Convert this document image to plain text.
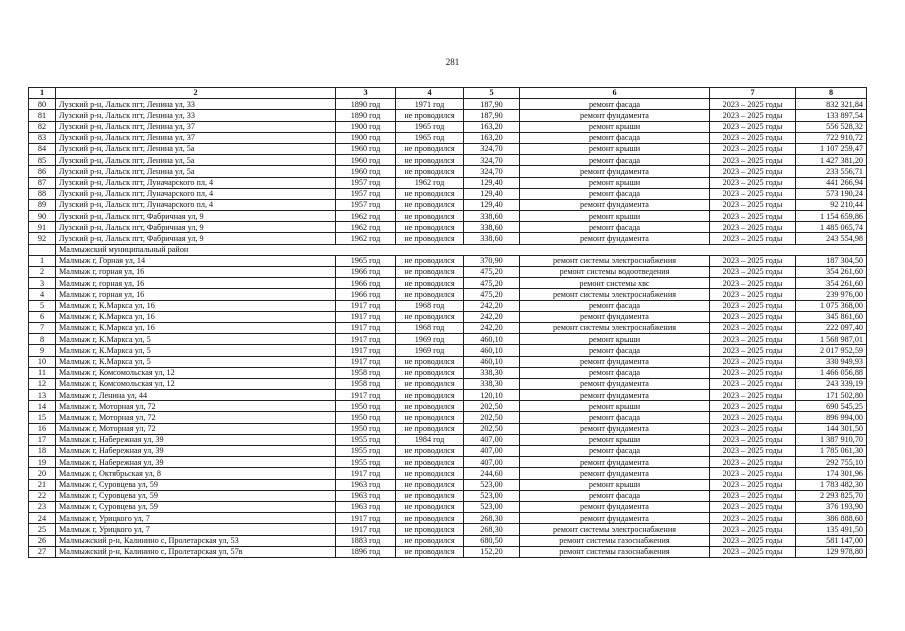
281
1	2	3	4	5	6	7	8
80	Лузский р-н, Лальск пгт, Ленина ул, 33	1890 год	1971 год	187,90	ремонт фасада	2023 – 2025 годы	832 321,84
81	Лузский р-н, Лальск пгт, Ленина ул, 33	1890 год	не проводился	187,90	ремонт фундамента	2023 – 2025 годы	133 897,54
82	Лузский р-н, Лальск пгт, Ленина ул, 37	1900 год	1965 год	163,20	ремонт крыши	2023 – 2025 годы	556 528,32
83	Лузский р-н, Лальск пгт, Ленина ул, 37	1900 год	1965 год	163,20	ремонт фасада	2023 – 2025 годы	722 910,72
84	Лузский р-н, Лальск пгт, Ленина ул, 5а	1960 год	не проводился	324,70	ремонт крыши	2023 – 2025 годы	1 107 259,47
85	Лузский р-н, Лальск пгт, Ленина ул, 5а	1960 год	не проводился	324,70	ремонт фасада	2023 – 2025 годы	1 427 381,20
86	Лузский р-н, Лальск пгт, Ленина ул, 5а	1960 год	не проводился	324,70	ремонт фундамента	2023 – 2025 годы	233 556,71
87	Лузский р-н, Лальск пгт, Луначарского пл, 4	1957 год	1962 год	129,40	ремонт крыши	2023 – 2025 годы	441 266,94
88	Лузский р-н, Лальск пгт, Луначарского пл, 4	1957 год	не проводился	129,40	ремонт фасада	2023 – 2025 годы	573 190,24
89	Лузский р-н, Лальск пгт, Луначарского пл, 4	1957 год	не проводился	129,40	ремонт фундамента	2023 – 2025 годы	92 210,44
90	Лузский р-н, Лальск пгт, Фабричная ул, 9	1962 год	не проводился	338,60	ремонт крыши	2023 – 2025 годы	1 154 659,86
91	Лузский р-н, Лальск пгт, Фабричная ул, 9	1962 год	не проводился	338,60	ремонт фасада	2023 – 2025 годы	1 485 065,74
92	Лузский р-н, Лальск пгт, Фабричная ул, 9	1962 год	не проводился	338,60	ремонт фундамента	2023 – 2025 годы	243 554,98
	Малмыжский муниципальный район						
1	Малмыж г, Горная ул, 14	1965 год	не проводился	370,90	ремонт системы электроснабжения	2023 – 2025 годы	187 304,50
2	Малмыж г, горная ул, 16	1966 год	не проводился	475,20	ремонт системы водоотведения	2023 – 2025 годы	354 261,60
3	Малмыж г, горная ул, 16	1966 год	не проводился	475,20	ремонт системы хвс	2023 – 2025 годы	354 261,60
4	Малмыж г, горная ул, 16	1966 год	не проводился	475,20	ремонт системы электроснабжения	2023 – 2025 годы	239 976,00
5	Малмыж г, К.Маркса ул, 16	1917 год	1968 год	242,20	ремонт фасада	2023 – 2025 годы	1 075 368,00
6	Малмыж г, К.Маркса ул, 16	1917 год	не проводился	242,20	ремонт фундамента	2023 – 2025 годы	345 861,60
7	Малмыж г, К.Маркса ул, 16	1917 год	1968 год	242,20	ремонт системы электроснабжения	2023 – 2025 годы	222 097,40
8	Малмыж г, К.Маркса ул, 5	1917 год	1969 год	460,10	ремонт крыши	2023 – 2025 годы	1 568 987,01
9	Малмыж г, К.Маркса ул, 5	1917 год	1969 год	460,10	ремонт фасада	2023 – 2025 годы	2 017 952,59
10	Малмыж г, К.Маркса ул, 5	1917 год	не проводился	460,10	ремонт фундамента	2023 – 2025 годы	330 949,93
11	Малмыж г, Комсомольская ул, 12	1958 год	не проводился	338,30	ремонт фасада	2023 – 2025 годы	1 466 056,88
12	Малмыж г, Комсомольская ул, 12	1958 год	не проводился	338,30	ремонт фундамента	2023 – 2025 годы	243 339,19
13	Малмыж г, Ленина ул, 44	1917 год	не проводился	120,10	ремонт фундамента	2023 – 2025 годы	171 502,80
14	Малмыж г, Моторная ул, 72	1950 год	не проводился	202,50	ремонт крыши	2023 – 2025 годы	690 545,25
15	Малмыж г, Моторная ул, 72	1950 год	не проводился	202,50	ремонт фасада	2023 – 2025 годы	896 994,00
16	Малмыж г, Моторная ул, 72	1950 год	не проводился	202,50	ремонт фундамента	2023 – 2025 годы	144 301,50
17	Малмыж г, Набережная ул, 39	1955 год	1984 год	407,00	ремонт крыши	2023 – 2025 годы	1 387 910,70
18	Малмыж г, Набережная ул, 39	1955 год	не проводился	407,00	ремонт фасада	2023 – 2025 годы	1 785 061,30
19	Малмыж г, Набережная ул, 39	1955 год	не проводился	407,00	ремонт фундамента	2023 – 2025 годы	292 755,10
20	Малмыж г, Октябрьская ул, 8	1917 год	не проводился	244,60	ремонт фундамента	2023 – 2025 годы	174 301,96
21	Малмыж г, Суровцева ул, 59	1963 год	не проводился	523,00	ремонт крыши	2023 – 2025 годы	1 783 482,30
22	Малмыж г, Суровцева ул, 59	1963 год	не проводился	523,00	ремонт фасада	2023 – 2025 годы	2 293 825,70
23	Малмыж г, Суровцева ул, 59	1963 год	не проводился	523,00	ремонт фундамента	2023 – 2025 годы	376 193,90
24	Малмыж г, Урицкого ул, 7	1917 год	не проводился	268,30	ремонт фундамента	2023 – 2025 годы	386 888,60
25	Малмыж г, Урицкого ул, 7	1917 год	не проводился	268,30	ремонт системы электроснабжения	2023 – 2025 годы	135 491,50
26	Малмыжский р-н, Калинино с, Пролетарская ул, 53	1883 год	не проводился	680,50	ремонт системы газоснабжения	2023 – 2025 годы	581 147,00
27	Малмыжский р-н, Калинино с, Пролетарская ул, 57в	1896 год	не проводился	152,20	ремонт системы газоснабжения	2023 – 2025 годы	129 978,80
